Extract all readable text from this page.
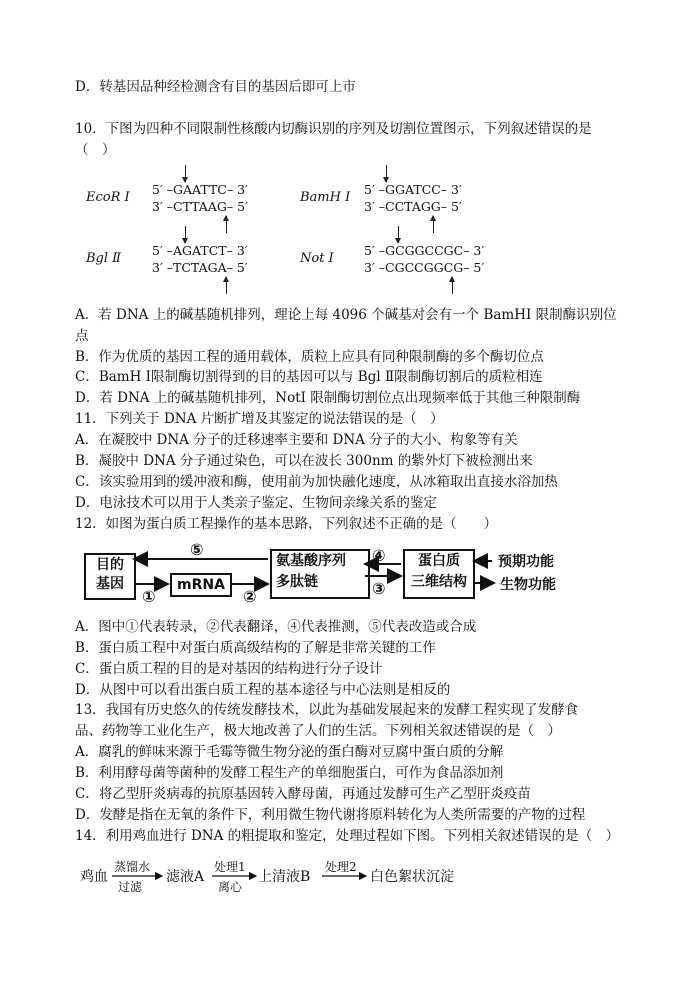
D．转基因品种经检测含有目的基因后即可上市
10．下图为四种不同限制性核酸内切酶识别的序列及切割位置图示，下列叙述错误的是
（　）
EcoR Ⅰ
5′ –GAATTC– 3′
3′ –CTTAAG– 5′
BamH Ⅰ
5′ –GGATCC– 3′
3′ –CCTAGG– 5′
Bgl Ⅱ
5′ –AGATCT– 3′
3′ –TCTAGA– 5′
Not Ⅰ
5′ –GCGGCCGC– 3′
3′ –CGCCGGCG– 5′
A．若 DNA 上的碱基随机排列，理论上每 4096 个碱基对会有一个 BamHI 限制酶识别位
点
B．作为优质的基因工程的通用载体，质粒上应具有同种限制酶的多个酶切位点
C．BamH Ⅰ限制酶切割得到的目的基因可以与 Bgl Ⅱ限制酶切割后的质粒相连
D．若 DNA 上的碱基随机排列，NotI 限制酶切割位点出现频率低于其他三种限制酶
11．下列关于 DNA 片断扩增及其鉴定的说法错误的是（　）
A．在凝胶中 DNA 分子的迁移速率主要和 DNA 分子的大小、构象等有关
B．凝胶中 DNA 分子通过染色，可以在波长 300nm 的紫外灯下被检测出来
C．该实验用到的缓冲液和酶，使用前为加快融化速度，从冰箱取出直接水浴加热
D．电泳技术可以用于人类亲子鉴定、生物间亲缘关系的鉴定
12．如图为蛋白质工程操作的基本思路，下列叙述不正确的是（　　）
目的
基因	mRNA
氨基酸序列
多肽链
蛋白质
三维结构
预期功能
生物功能
⑤
①	②
④
③
A．图中①代表转录，②代表翻译，④代表推测，⑤代表改造或合成
B．蛋白质工程中对蛋白质高级结构的了解是非常关键的工作
C．蛋白质工程的目的是对基因的结构进行分子设计
D．从图中可以看出蛋白质工程的基本途径与中心法则是相反的
13．我国有历史悠久的传统发酵技术，以此为基础发展起来的发酵工程实现了发酵食
品、药物等工业化生产，极大地改善了人们的生活。下列相关叙述错误的是（　）
A．腐乳的鲜味来源于毛霉等微生物分泌的蛋白酶对豆腐中蛋白质的分解
B．利用酵母菌等菌种的发酵工程生产的单细胞蛋白，可作为食品添加剂
C．将乙型肝炎病毒的抗原基因转入酵母菌，再通过发酵可生产乙型肝炎疫苗
D．发酵是指在无氧的条件下，利用微生物代谢将原料转化为人类所需要的产物的过程
14．利用鸡血进行 DNA 的粗提取和鉴定，处理过程如下图。下列相关叙述错误的是（　）
鸡血
蒸馏水
过滤
滤液A
处理1
离心
上清液B
处理2
白色絮状沉淀
